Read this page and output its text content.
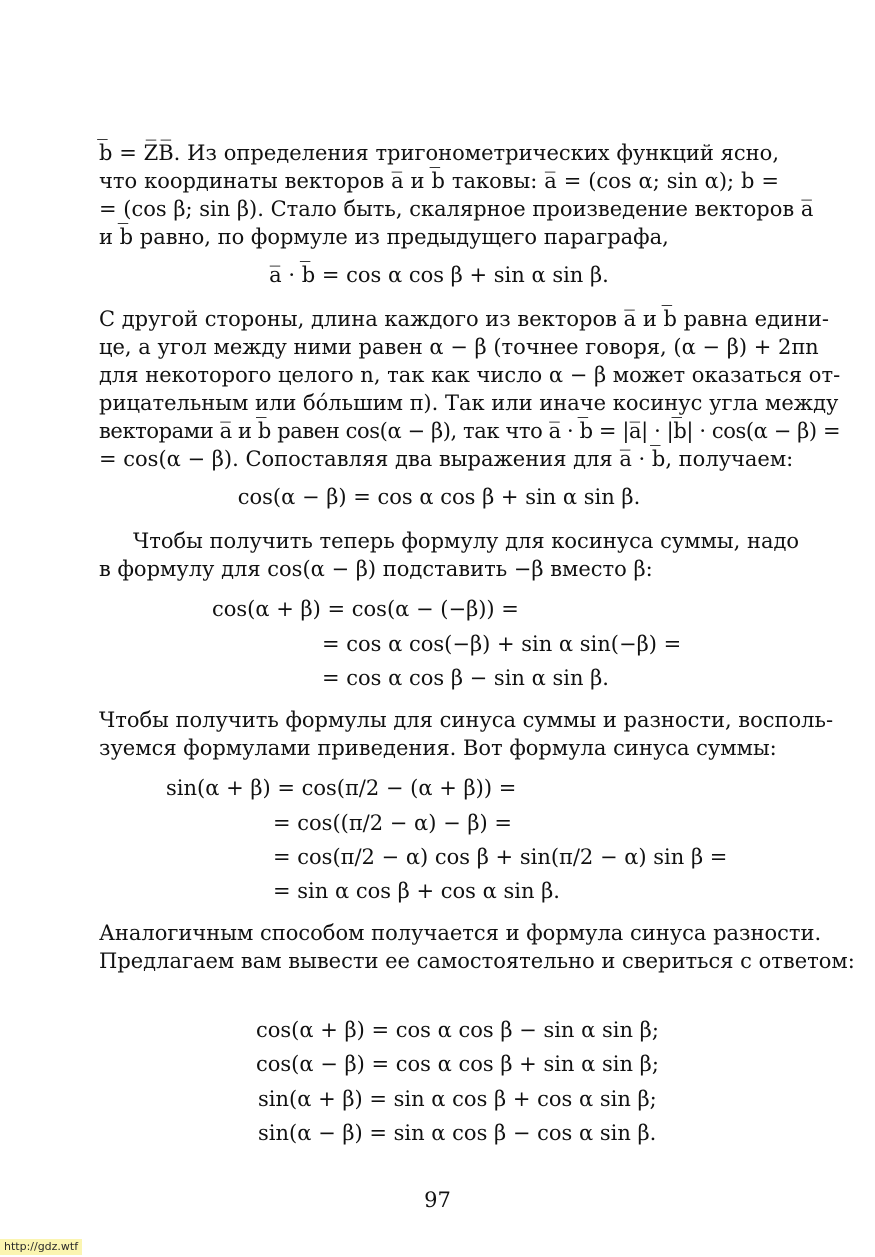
b̅ = Z̅B̅. Из определения тригонометрических функций ясно,
что координаты векторов a̅ и b̅ таковы: a̅ = (cos α; sin α); b =
= (cos β; sin β). Стало быть, скалярное произведение векторов a̅
и b̅ равно, по формуле из предыдущего параграфа,
a̅ · b̅ = cos α cos β + sin α sin β.
С другой стороны, длина каждого из векторов a̅ и b̅ равна едини-
це, а угол между ними равен α − β (точнее говоря, (α − β) + 2πn
для некоторого целого n, так как число α − β может оказаться от-
рицательным или бóльшим π). Так или иначе косинус угла между
векторами a̅ и b̅ равен cos(α − β), так что a̅ · b̅ = |a̅| · |b̅| · cos(α − β) =
= cos(α − β). Сопоставляя два выражения для a̅ · b̅, получаем:
cos(α − β) = cos α cos β + sin α sin β.
Чтобы получить теперь формулу для косинуса суммы, надо
в формулу для cos(α − β) подставить −β вместо β:
cos(α + β) = cos(α − (−β)) =
= cos α cos(−β) + sin α sin(−β) =
= cos α cos β − sin α sin β.
Чтобы получить формулы для синуса суммы и разности, восполь-
зуемся формулами приведения. Вот формула синуса суммы:
sin(α + β) = cos(π/2 − (α + β)) =
= cos((π/2 − α) − β) =
= cos(π/2 − α) cos β + sin(π/2 − α) sin β =
= sin α cos β + cos α sin β.
Аналогичным способом получается и формула синуса разности.
Предлагаем вам вывести ее самостоятельно и свериться с ответом:
cos(α + β) = cos α cos β − sin α sin β;
cos(α − β) = cos α cos β + sin α sin β;
sin(α + β) = sin α cos β + cos α sin β;
sin(α − β) = sin α cos β − cos α sin β.
97
http://gdz.wtf
